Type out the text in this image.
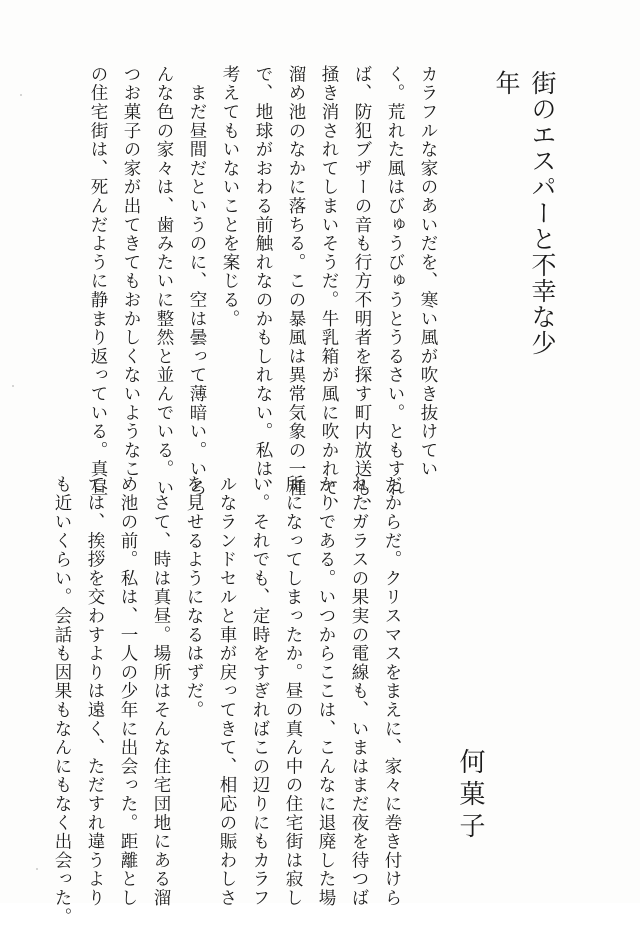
街のエスパーと不幸な少年
何菓子
カラフルな家のあいだを、寒い風が吹き抜けてい
く。荒れた風はびゅうびゅうとうるさい。ともすれ
ば、防犯ブザーの音も行方不明者を探す町内放送も、
掻き消されてしまいそうだ。牛乳箱が風に吹かれて、
溜め池のなかに落ちる。この暴風は異常気象の一種
で、地球がおわる前触れなのかもしれない。私は、
考えてもいないことを案じる。
　まだ昼間だというのに、空は曇って薄暗い。いろ
んな色の家々は、歯みたいに整然と並んでいる。い
つお菓子の家が出てきてもおかしくないようなこ
の住宅街は、死んだように静まり返っている。真昼
だからだ。クリスマスをまえに、家々に巻き付けら
れたガラスの果実の電線も、いまはまだ夜を待つば
かりである。いつからここは、こんなに退廃した場
所になってしまったか。昼の真ん中の住宅街は寂し
い。それでも、定時をすぎればこの辺りにもカラフ
ルなランドセルと車が戻ってきて、相応の賑わしさ
を見せるようになるはずだ。
　さて、時は真昼。場所はそんな住宅団地にある溜
め池の前。私は、一人の少年に出会った。距離とし
ては、挨拶を交わすよりは遠く、ただすれ違うより
も近いくらい。会話も因果もなんにもなく出会った。
